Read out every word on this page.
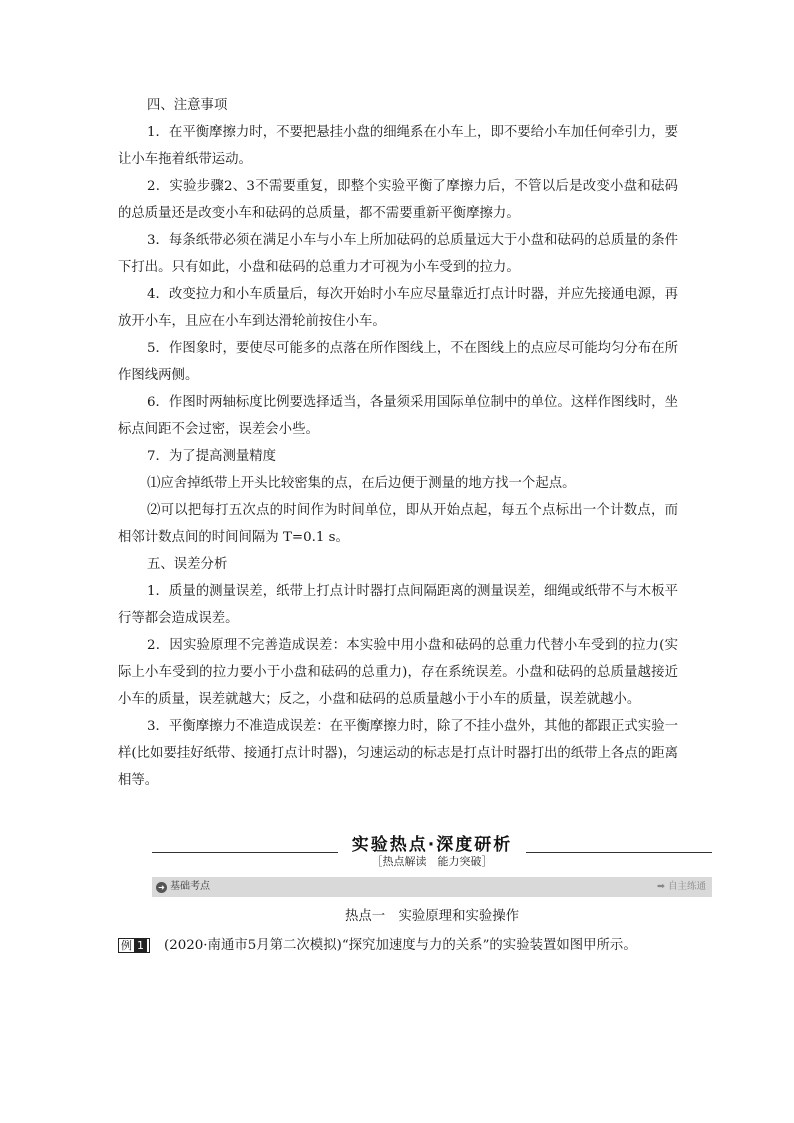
四、注意事项

1．在平衡摩擦力时，不要把悬挂小盘的细绳系在小车上，即不要给小车加任何牵引力，要让小车拖着纸带运动。

2．实验步骤2、3不需要重复，即整个实验平衡了摩擦力后，不管以后是改变小盘和砝码的总质量还是改变小车和砝码的总质量，都不需要重新平衡摩擦力。

3．每条纸带必须在满足小车与小车上所加砝码的总质量远大于小盘和砝码的总质量的条件下打出。只有如此，小盘和砝码的总重力才可视为小车受到的拉力。

4．改变拉力和小车质量后，每次开始时小车应尽量靠近打点计时器，并应先接通电源，再放开小车，且应在小车到达滑轮前按住小车。

5．作图象时，要使尽可能多的点落在所作图线上，不在图线上的点应尽可能均匀分布在所作图线两侧。

6．作图时两轴标度比例要选择适当，各量须采用国际单位制中的单位。这样作图线时，坐标点间距不会过密，误差会小些。

7．为了提高测量精度

⑴应舍掉纸带上开头比较密集的点，在后边便于测量的地方找一个起点。

⑵可以把每打五次点的时间作为时间单位，即从开始点起，每五个点标出一个计数点，而相邻计数点间的时间间隔为 T=0.1 s。

五、误差分析

1．质量的测量误差，纸带上打点计时器打点间隔距离的测量误差，细绳或纸带不与木板平行等都会造成误差。

2．因实验原理不完善造成误差：本实验中用小盘和砝码的总重力代替小车受到的拉力(实际上小车受到的拉力要小于小盘和砝码的总重力)，存在系统误差。小盘和砝码的总质量越接近小车的质量，误差就越大；反之，小盘和砝码的总质量越小于小车的质量，误差就越小。

3．平衡摩擦力不准造成误差：在平衡摩擦力时，除了不挂小盘外，其他的都跟正式实验一样(比如要挂好纸带、接通打点计时器)，匀速运动的标志是打点计时器打出的纸带上各点的距离相等。

实验热点·深度研析
［热点解读　能力突破］
➜ 基础考点	➡ 自主练通
热点一　实验原理和实验操作

例 1 (2020·南通市5月第二次模拟)“探究加速度与力的关系”的实验装置如图甲所示。
